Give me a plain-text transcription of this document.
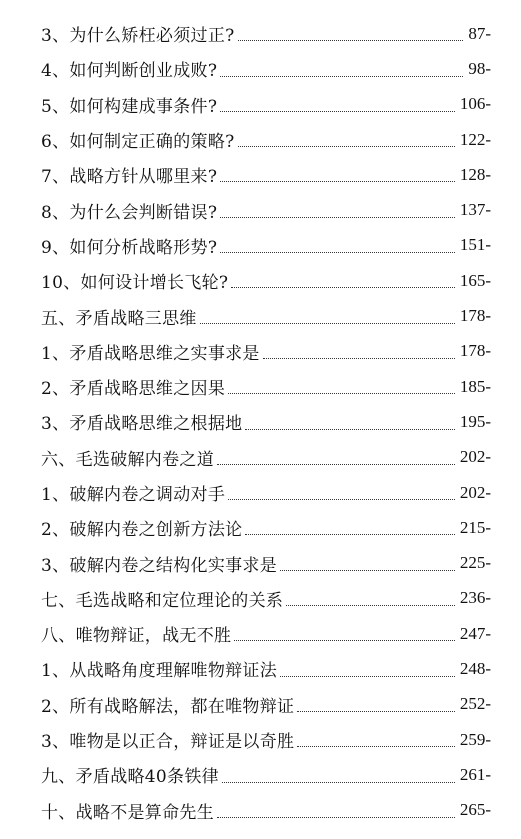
3、为什么矫枉必须过正?	87-
4、如何判断创业成败?	98-
5、如何构建成事条件?	106-
6、如何制定正确的策略?	122-
7、战略方针从哪里来?	128-
8、为什么会判断错误?	137-
9、如何分析战略形势?	151-
10、如何设计增长飞轮?	165-
五、矛盾战略三思维	178-
1、矛盾战略思维之实事求是	178-
2、矛盾战略思维之因果	185-
3、矛盾战略思维之根据地	195-
六、毛选破解内卷之道	202-
1、破解内卷之调动对手	202-
2、破解内卷之创新方法论	215-
3、破解内卷之结构化实事求是	225-
七、毛选战略和定位理论的关系	236-
八、唯物辩证，战无不胜	247-
1、从战略角度理解唯物辩证法	248-
2、所有战略解法，都在唯物辩证	252-
3、唯物是以正合，辩证是以奇胜	259-
九、矛盾战略40条铁律	261-
十、战略不是算命先生	265-
